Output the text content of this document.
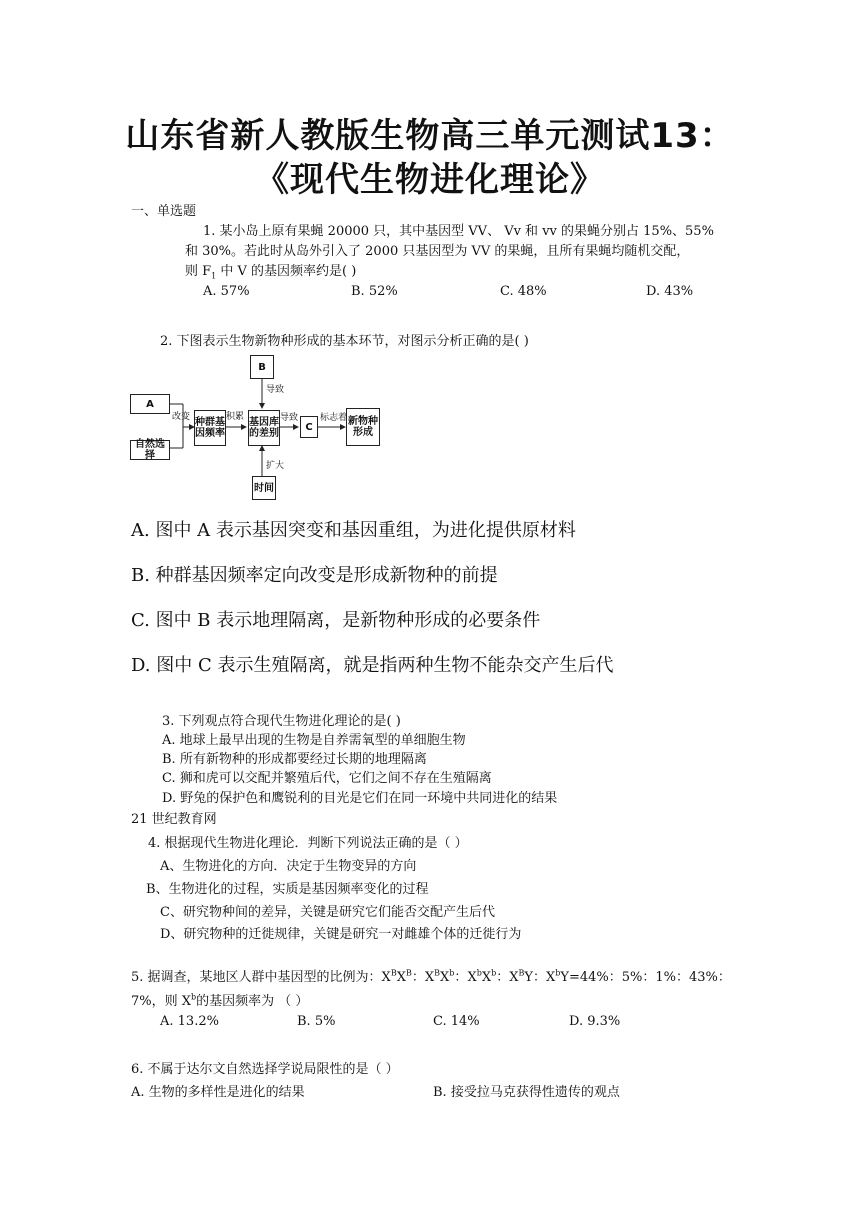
山东省新人教版生物高三单元测试13：
《现代生物进化理论》
一、单选题
1. 某小岛上原有果蝇 20000 只，其中基因型 VV、 Vv 和 vv 的果蝇分别占 15%、55%
和 30%。若此时从岛外引入了 2000 只基因型为 VV 的果蝇，且所有果蝇均随机交配，
则 $F_1$ 中 V 的基因频率约是( )
A. 57%	B. 52%	C. 48%	D. 43%
2. 下图表示生物新物种形成的基本环节，对图示分析正确的是( )
A
自然选择
种群基
因频率
B
基因库
的差别
C	新物种
形成
时间
改变	积累
导致
导致 标志着
扩大
A. 图中 A 表示基因突变和基因重组，为进化提供原材料
B. 种群基因频率定向改变是形成新物种的前提
C. 图中 B 表示地理隔离，是新物种形成的必要条件
D. 图中 C 表示生殖隔离，就是指两种生物不能杂交产生后代
3. 下列观点符合现代生物进化理论的是( )
A. 地球上最早出现的生物是自养需氧型的单细胞生物
B. 所有新物种的形成都要经过长期的地理隔离
C. 狮和虎可以交配并繁殖后代，它们之间不存在生殖隔离
D. 野兔的保护色和鹰锐利的目光是它们在同一环境中共同进化的结果
21 世纪教育网
4. 根据现代生物进化理论．判断下列说法正确的是（ ）
A、生物进化的方向．决定于生物变异的方向
B、生物进化的过程，实质是基因频率变化的过程
C、研究物种间的差异，关键是研究它们能否交配产生后代
D、研究物种的迁徙规律，关键是研究一对雌雄个体的迁徙行为
5. 据调查，某地区人群中基因型的比例为：$X^BX^B$：$X^BX^b$：$X^bX^b$：$X^BY$：$X^bY=44\%$：5%：1%：43%：
7%，则 $X^b$的基因频率为 （ ）
A. 13.2%	B. 5%	C. 14%	D. 9.3%
6. 不属于达尔文自然选择学说局限性的是（ ）
A. 生物的多样性是进化的结果	B. 接受拉马克获得性遗传的观点
